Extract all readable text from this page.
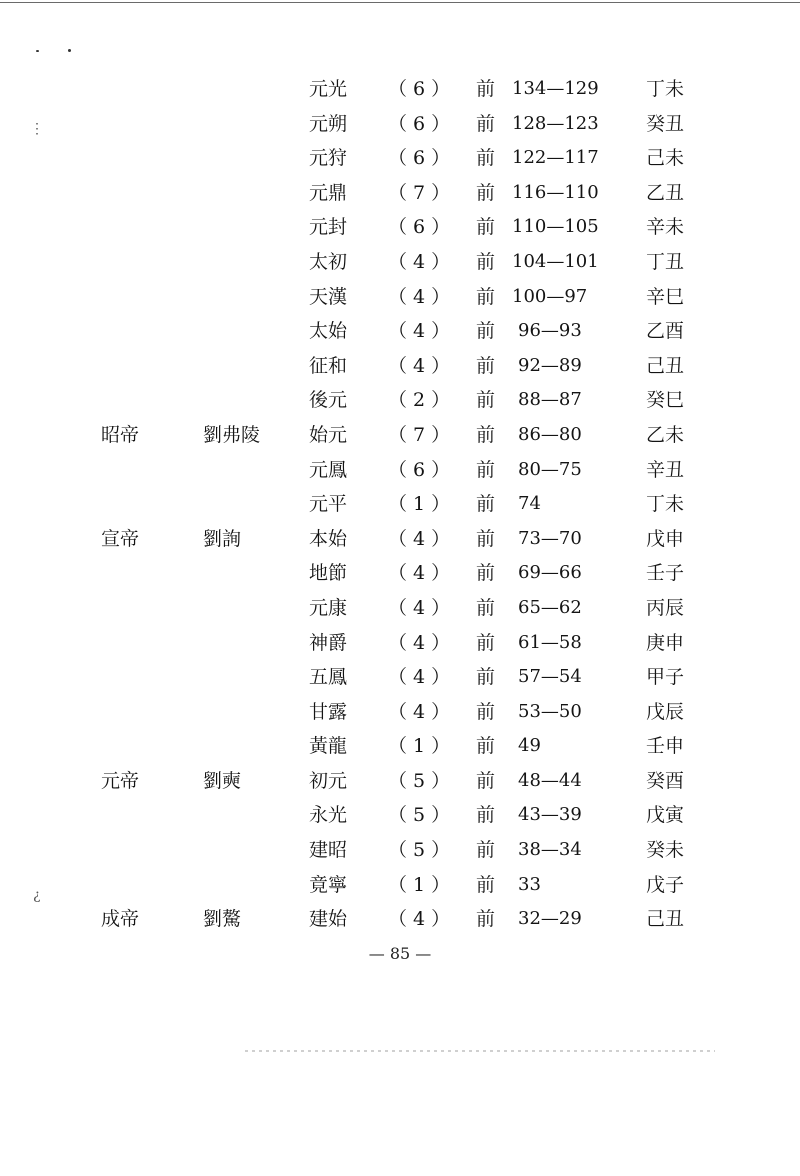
⋮
¿
元光 （6） 前 134—129 丁未
元朔 （6） 前 128—123 癸丑
元狩 （6） 前 122—117 己未
元鼎 （7） 前 116—110 乙丑
元封 （6） 前 110—105 辛未
太初 （4） 前 104—101 丁丑
天漢 （4） 前 100—97	辛巳
太始 （4） 前 96—93	乙酉
征和 （4） 前 92—89	己丑
後元 （2） 前 88—87	癸巳
昭帝	劉弗陵	始元 （7） 前 86—80	乙未
元鳳 （6） 前 80—75	辛丑
元平 （1） 前 74	丁未
宣帝	劉詢	本始 （4） 前 73—70	戊申
地節 （4） 前 69—66	壬子
元康 （4） 前 65—62	丙辰
神爵 （4） 前 61—58	庚申
五鳳 （4） 前 57—54	甲子
甘露 （4） 前 53—50	戊辰
黃龍 （1） 前 49	壬申
元帝	劉奭	初元 （5） 前 48—44	癸酉
永光 （5） 前 43—39	戊寅
建昭 （5） 前 38—34	癸未
竟寧 （1） 前 33	戊子
成帝	劉驁	建始 （4） 前 32—29	己丑
— 85 —
